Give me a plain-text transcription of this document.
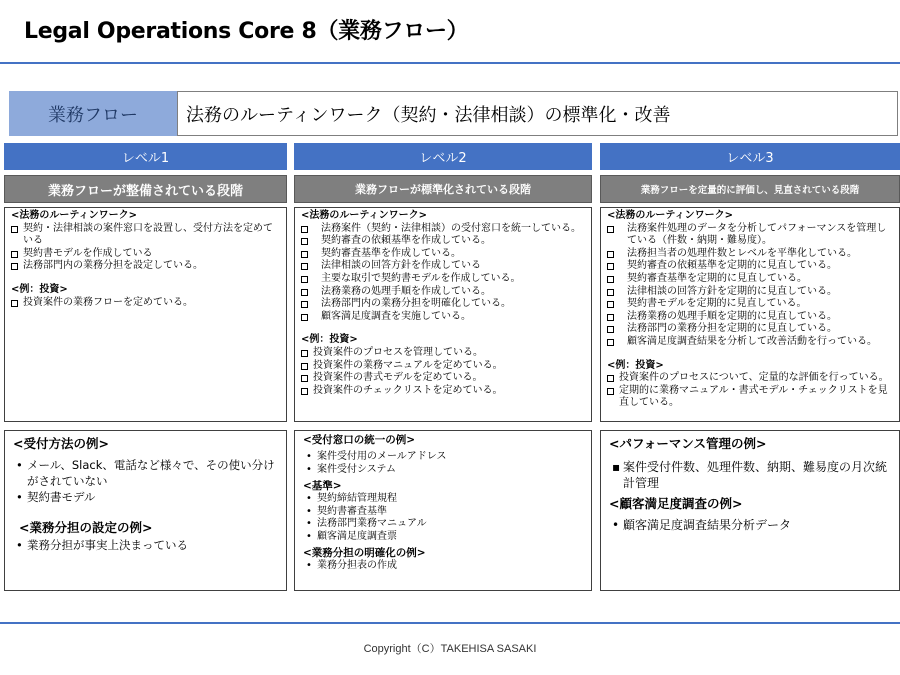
Legal Operations Core 8（業務フロー）
業務フロー	法務のルーティンワーク（契約・法律相談）の標準化・改善
レベル1	レベル2	レベル3
業務フローが整備されている段階	業務フローが標準化されている段階	業務フローを定量的に評価し、見直されている段階
<法務のルーティンワーク>
契約・法律相談の案件窓口を設置し、受付方法を定めている
契約書モデルを作成している
法務部門内の業務分担を設定している。
<例：投資>
投資案件の業務フローを定めている。
<法務のルーティンワーク>
法務案件（契約・法律相談）の受付窓口を統一している。
契約審査の依頼基準を作成している。
契約審査基準を作成している。
法律相談の回答方針を作成している
主要な取引で契約書モデルを作成している。
法務業務の処理手順を作成している。
法務部門内の業務分担を明確化している。
顧客満足度調査を実施している。
<例：投資>
投資案件のプロセスを管理している。
投資案件の業務マニュアルを定めている。
投資案件の書式モデルを定めている。
投資案件のチェックリストを定めている。
<法務のルーティンワーク>
法務案件処理のデータを分析してパフォーマンスを管理している（件数・納期・難易度）。
法務担当者の処理件数とレベルを平準化している。
契約審査の依頼基準を定期的に見直している。
契約審査基準を定期的に見直している。
法律相談の回答方針を定期的に見直している。
契約書モデルを定期的に見直している。
法務業務の処理手順を定期的に見直している。
法務部門の業務分担を定期的に見直している。
顧客満足度調査結果を分析して改善活動を行っている。
<例：投資>
投資案件のプロセスについて、定量的な評価を行っている。
定期的に業務マニュアル・書式モデル・チェックリストを見直している。
<受付方法の例>
• メール、Slack、電話など様々で、その使い分けがされていない
• 契約書モデル
<業務分担の設定の例>
• 業務分担が事実上決まっている
<受付窓口の統一の例>
• 案件受付用のメールアドレス
• 案件受付システム
<基準>
• 契約締結管理規程
• 契約書審査基準
• 法務部門業務マニュアル
• 顧客満足度調査票
<業務分担の明確化の例>
• 業務分担表の作成
<パフォーマンス管理の例>
▪ 案件受付件数、処理件数、納期、難易度の月次統計管理
<顧客満足度調査の例>
• 顧客満足度調査結果分析データ
Copyright（C）TAKEHISA SASAKI
